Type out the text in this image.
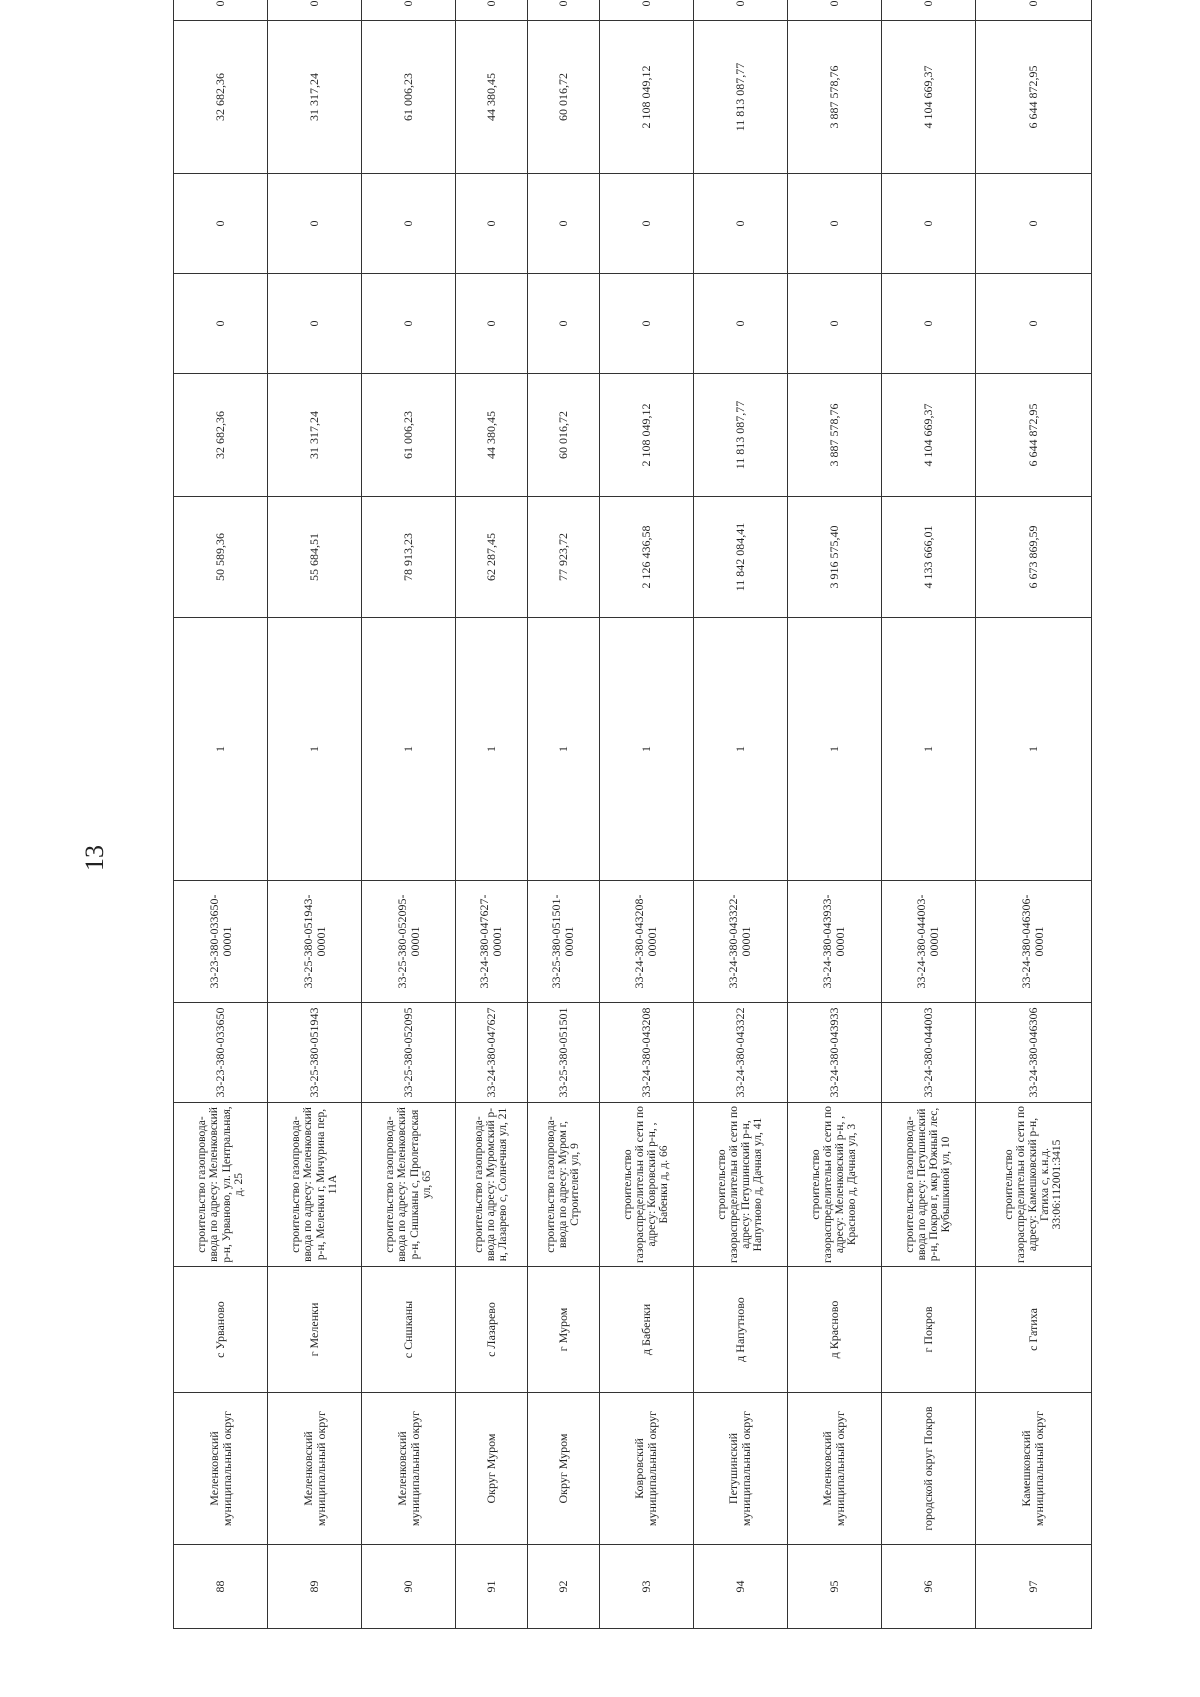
13
88	Меленковский муниципальный округ	с Урваново	строительство газопровода-ввода по адресу: Меленковский р-н, Урваново, ул. Центральная, д. 25	33-23-380-033650	33-23-380-033650-00001	1	50 589,36	32 682,36	0	0	32 682,36	0
89	Меленковский муниципальный округ	г Меленки	строительство газопровода-ввода по адресу: Меленковский р-н, Меленки г, Мичурина пер, 11А	33-25-380-051943	33-25-380-051943-00001	1	55 684,51	31 317,24	0	0	31 317,24	0
90	Меленковский муниципальный округ	с Сншканы	строительство газопровода-ввода по адресу: Меленковский р-н, Сншканы с, Пролетарская ул, 65	33-25-380-052095	33-25-380-052095-00001	1	78 913,23	61 006,23	0	0	61 006,23	0
91	Округ Муром	с Лазарево	строительство газопровода-ввода по адресу: Муромский р-н, Лазарево с, Солнечная ул, 21	33-24-380-047627	33-24-380-047627-00001	1	62 287,45	44 380,45	0	0	44 380,45	0
92	Округ Муром	г Муром	строительство газопровода-ввода по адресу: Муром г, Строителей ул, 9	33-25-380-051501	33-25-380-051501-00001	1	77 923,72	60 016,72	0	0	60 016,72	0
93	Ковровский муниципальный округ	д Бабенки	строительство газораспределительн ой сети по адресу: Ковровский р-н, , Бабенки д, д. 66	33-24-380-043208	33-24-380-043208-00001	1	2 126 436,58	2 108 049,12	0	0	2 108 049,12	0
94	Петушинский муниципальный округ	д Напутново	строительство газораспределительн ой сети по адресу: Петушинский р-н, Напутново д, Дачная ул, 41	33-24-380-043322	33-24-380-043322-00001	1	11 842 084,41	11 813 087,77	0	0	11 813 087,77	0
95	Меленковский муниципальный округ	д Красново	строительство газораспределительн ой сети по адресу: Меленковский р-н, , Красново д, Дачная ул, 3	33-24-380-043933	33-24-380-043933-00001	1	3 916 575,40	3 887 578,76	0	0	3 887 578,76	0
96	городской округ Покров	г Покров	строительство газопровода-ввода по адресу: Петушинский р-н, Покров г, мкр Южный лес, Кубышкиной ул, 10	33-24-380-044003	33-24-380-044003-00001	1	4 133 666,01	4 104 669,37	0	0	4 104 669,37	0
97	Камешковский муниципальный округ	с Гатиха	строительство газораспределительн ой сети по адресу: Камешковский р-н, Гатиха с, к.н.д. 33:06:112001:3415	33-24-380-046306	33-24-380-046306-00001	1	6 673 869,59	6 644 872,95	0	0	6 644 872,95	0
